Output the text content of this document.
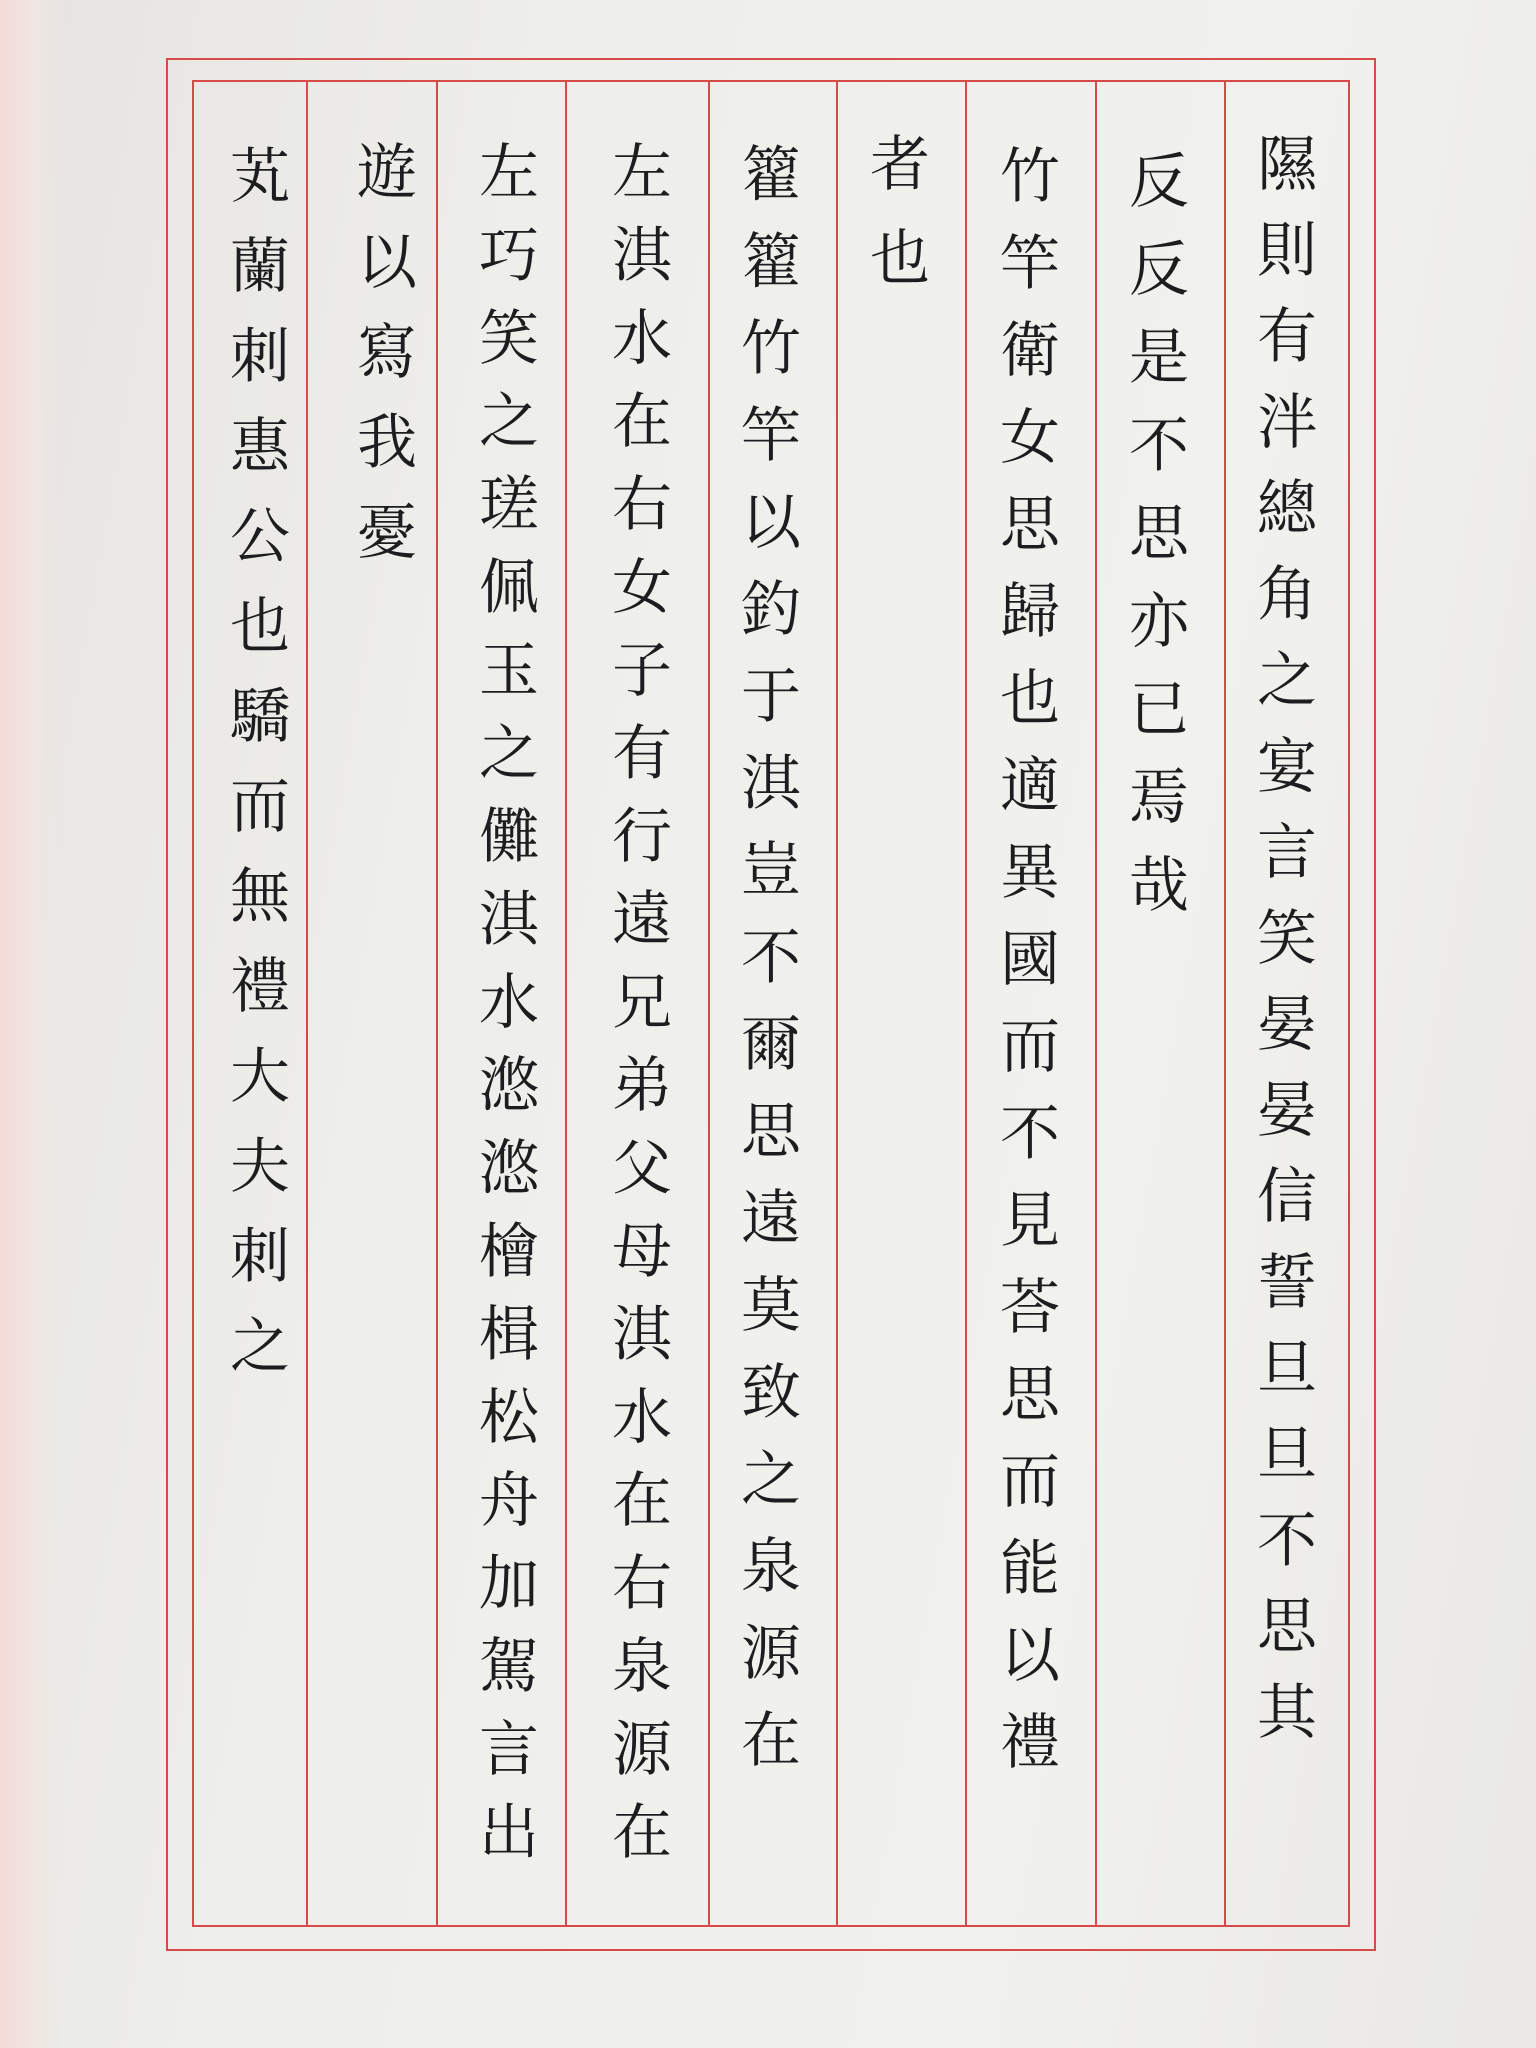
隰則有泮總角之宴言笑晏晏信誓旦旦不思其
反反是不思亦已焉哉
竹竿衛女思歸也適異國而不見荅思而能以禮
者也
籊籊竹竿以釣于淇豈不爾思遠莫致之泉源在
左淇水在右女子有行遠兄弟父母淇水在右泉源在
左巧笑之瑳佩玉之儺淇水滺滺檜楫松舟加駕言出
遊以寫我憂
芄蘭刺惠公也驕而無禮大夫刺之
